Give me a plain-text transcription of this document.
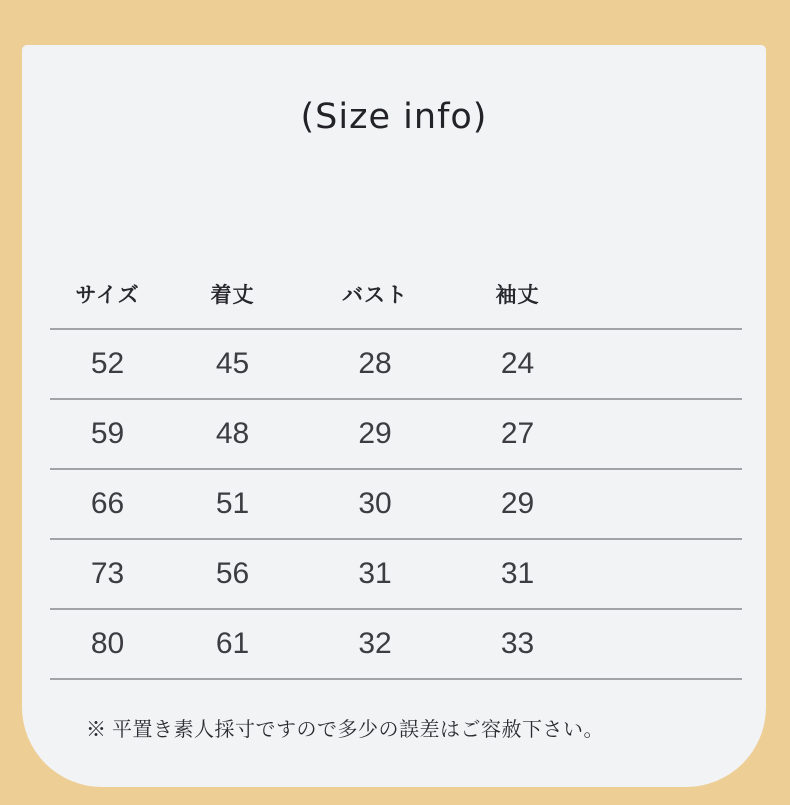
(Size info)
サイズ	着丈	バスト	袖丈
52	45	28	24
59	48	29	27
66	51	30	29
73	56	31	31
80	61	32	33
※ 平置き素人採寸ですので多少の誤差はご容赦下さい。
